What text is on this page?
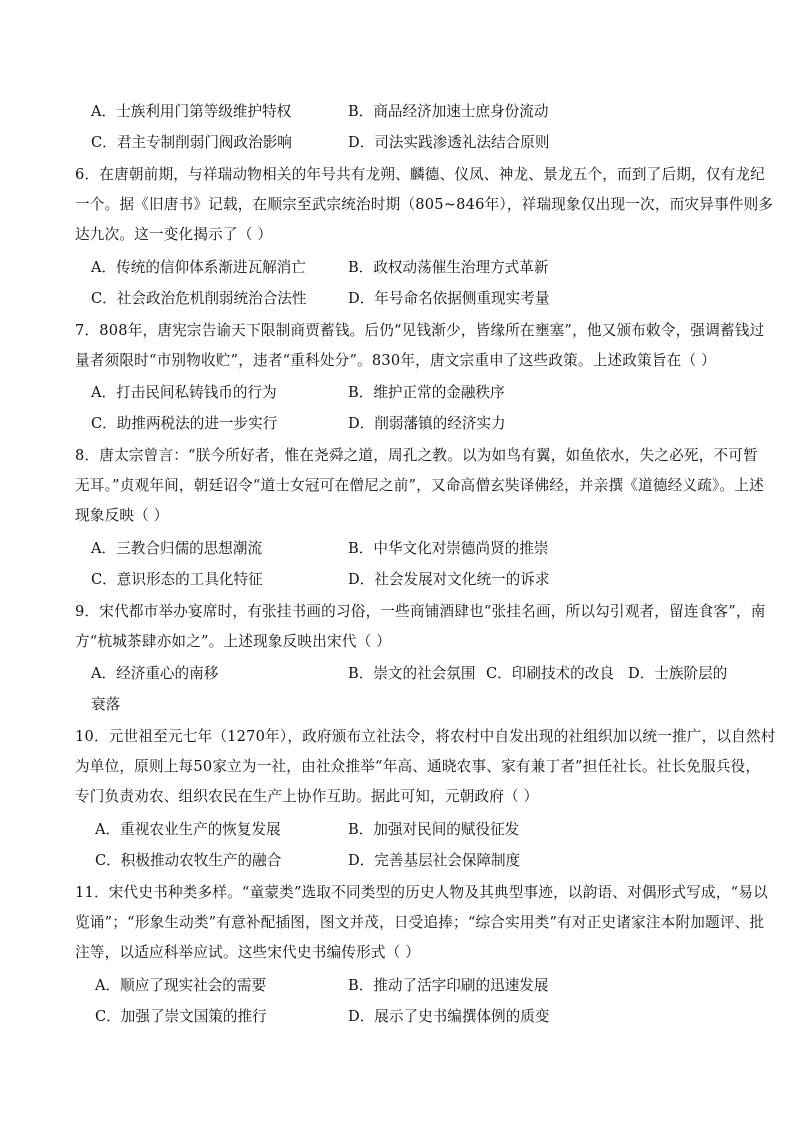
A．士族利用门第等级维护特权	B．商品经济加速士庶身份流动
C．君主专制削弱门阀政治影响	D．司法实践渗透礼法结合原则
6．在唐朝前期，与祥瑞动物相关的年号共有龙朔、麟德、仪凤、神龙、景龙五个，而到了后期，仅有龙纪
一个。据《旧唐书》记载，在顺宗至武宗统治时期（805~846年），祥瑞现象仅出现一次，而灾异事件则多
达九次。这一变化揭示了（ ）
A．传统的信仰体系渐进瓦解消亡	B．政权动荡催生治理方式革新
C．社会政治危机削弱统治合法性	D．年号命名依据侧重现实考量
7．808年，唐宪宗告谕天下限制商贾蓄钱。后仍“见钱渐少，皆缘所在壅塞”，他又颁布敕令，强调蓄钱过
量者须限时“市别物收贮”，违者“重科处分”。830年，唐文宗重申了这些政策。上述政策旨在（ ）
A．打击民间私铸钱币的行为	B．维护正常的金融秩序
C．助推两税法的进一步实行	D．削弱藩镇的经济实力
8．唐太宗曾言：“朕今所好者，惟在尧舜之道，周孔之教。以为如鸟有翼，如鱼依水，失之必死，不可暂
无耳。”贞观年间，朝廷诏令“道士女冠可在僧尼之前”，又命高僧玄奘译佛经，并亲撰《道德经义疏》。上述
现象反映（ ）
A．三教合归儒的思想潮流	B．中华文化对崇德尚贤的推崇
C．意识形态的工具化特征	D．社会发展对文化统一的诉求
9．宋代都市举办宴席时，有张挂书画的习俗，一些商铺酒肆也“张挂名画，所以勾引观者，留连食客”，南
方“杭城茶肆亦如之”。上述现象反映出宋代（ ）
A．经济重心的南移	B．崇文的社会氛围 C．印刷技术的改良 D．士族阶层的
衰落
10．元世祖至元七年（1270年），政府颁布立社法令，将农村中自发出现的社组织加以统一推广，以自然村
为单位，原则上每50家立为一社，由社众推举“年高、通晓农事、家有兼丁者”担任社长。社长免服兵役，
专门负责劝农、组织农民在生产上协作互助。据此可知，元朝政府（ ）
A．重视农业生产的恢复发展	B．加强对民间的赋役征发
C．积极推动农牧生产的融合	D．完善基层社会保障制度
11．宋代史书种类多样。“童蒙类”选取不同类型的历史人物及其典型事迹，以韵语、对偶形式写成，“易以
览诵”；“形象生动类”有意补配插图，图文并茂，日受追捧；“综合实用类”有对正史诸家注本附加题评、批
注等，以适应科举应试。这些宋代史书编传形式（ ）
A．顺应了现实社会的需要	B．推动了活字印刷的迅速发展
C．加强了崇文国策的推行	D．展示了史书编撰体例的质变
